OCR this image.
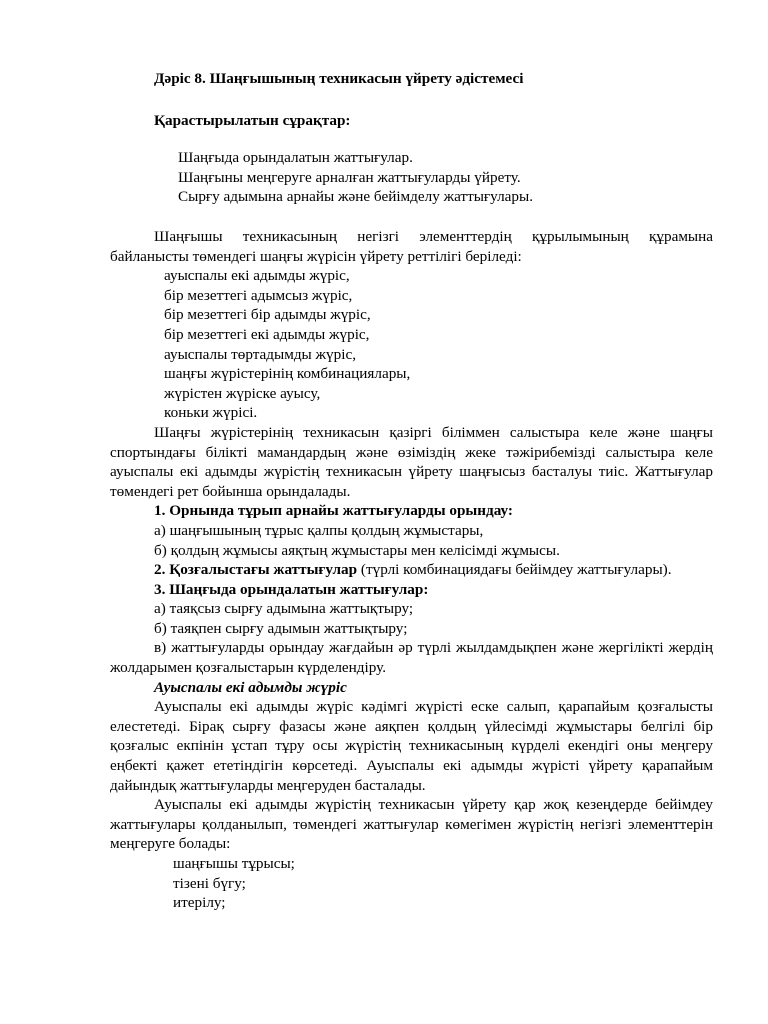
Дәріс 8. Шаңғышының техникасын үйрету әдістемесі
Қарастырылатын сұрақтар:
Шаңғыда орындалатын жаттығулар.
Шаңғыны меңгеруге арналған жаттығуларды үйрету.
Сырғу адымына арнайы және бейімделу жаттығулары.

Шаңғышы техникасының негізгі элементтердің құрылымының құрамына байланысты төмендегі шаңғы жүрісін үйрету реттілігі беріледі:

ауыспалы екі адымды жүріс,
бір мезеттегі адымсыз жүріс,
бір мезеттегі бір адымды жүріс,
бір мезеттегі екі адымды жүріс,
ауыспалы төртадымды жүріс,
шаңғы жүрістерінің комбинациялары,
жүрістен жүріске ауысу,
коньки жүрісі.

Шаңғы жүрістерінің техникасын қазіргі біліммен салыстыра келе және шаңғы спортындағы білікті мамандардың және өзіміздің жеке тәжірибемізді салыстыра келе ауыспалы екі адымды жүрістің техникасын үйрету шаңғысыз басталуы тиіс. Жаттығулар төмендегі рет бойынша орындалады.

1. Орнында тұрып арнайы жаттығуларды орындау:
а) шаңғышының тұрыс қалпы қолдың жұмыстары,
б) қолдың жұмысы аяқтың жұмыстары мен келісімді жұмысы.

2. Қозғалыстағы жаттығулар (түрлі комбинациядағы бейімдеу жаттығулары).

3. Шаңғыда орындалатын жаттығулар:
а) таяқсыз сырғу адымына жаттықтыру;
б) таяқпен сырғу адымын жаттықтыру;

в) жаттығуларды орындау жағдайын әр түрлі жылдамдықпен және жергілікті жердің жолдарымен қозғалыстарын күрделендіру.

Ауыспалы екі адымды жүріс

Ауыспалы екі адымды жүріс кәдімгі жүрісті еске салып, қарапайым қозғалысты елестетеді. Бірақ сырғу фазасы және аяқпен қолдың үйлесімді жұмыстары белгілі бір қозғалыс екпінін ұстап тұру осы жүрістің техникасының күрделі екендігі оны меңгеру еңбекті қажет ететіндігін көрсетеді. Ауыспалы екі адымды жүрісті үйрету қарапайым дайындық жаттығуларды меңгеруден басталады.

Ауыспалы екі адымды жүрістің техникасын үйрету қар жоқ кезеңдерде бейімдеу жаттығулары қолданылып, төмендегі жаттығулар көмегімен жүрістің негізгі элементтерін меңгеруге болады:

шаңғышы тұрысы;
тізені бүгу;
итерілу;
